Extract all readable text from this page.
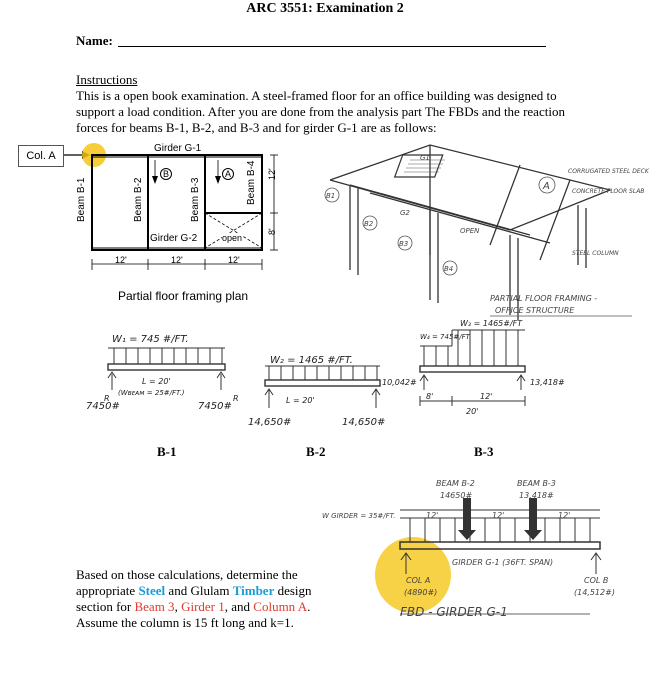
ARC 3551: Examination 2
Name:
Instructions
This is a open book examination. A steel-framed floor for an office building was designed to support a load condition. After you are done from the analysis part The FBDs and the reaction forces for beams B-1, B-2, and B-3 and for girder G-1 are as follows:
Col. A
Girder G-1
Girder G-2	open
B	A
Beam B-1	Beam B-2	Beam B-3	Beam B-4 12'
8'
12'	12'	12'
Partial floor framing plan
A
B1
B2
B3
B4
G2
G1
OPEN
CORRUGATED STEEL DECK
CONCRETE FLOOR SLAB
STEEL COLUMN
PARTIAL FLOOR FRAMING -
OFFICE STRUCTURE
W₁ = 745 #/FT.
L = 20'
(Wʙᴇᴀᴍ = 25#/FT.)
R	R
7450#	7450#
B-1
W₂ = 1465 #/FT.
L = 20'
14,650#	14,650#
B-2
W₄ = 745#/FT
W₃ = 1465#/FT
10,042#	13,418#
8'	12'
20'
B-3
BEAM B-2
14650#
BEAM B-3
13,418#
W GIRDER = 35#/FT.	12'	12'	12'
GIRDER G-1 (36FT. SPAN)
COL A
(4890#)
COL B
(14,512#)
FBD - GIRDER G-1
Based on those calculations, determine the appropriate Steel and Glulam Timber design section for Beam 3, Girder 1, and Column A. Assume the column is 15 ft long and k=1.
